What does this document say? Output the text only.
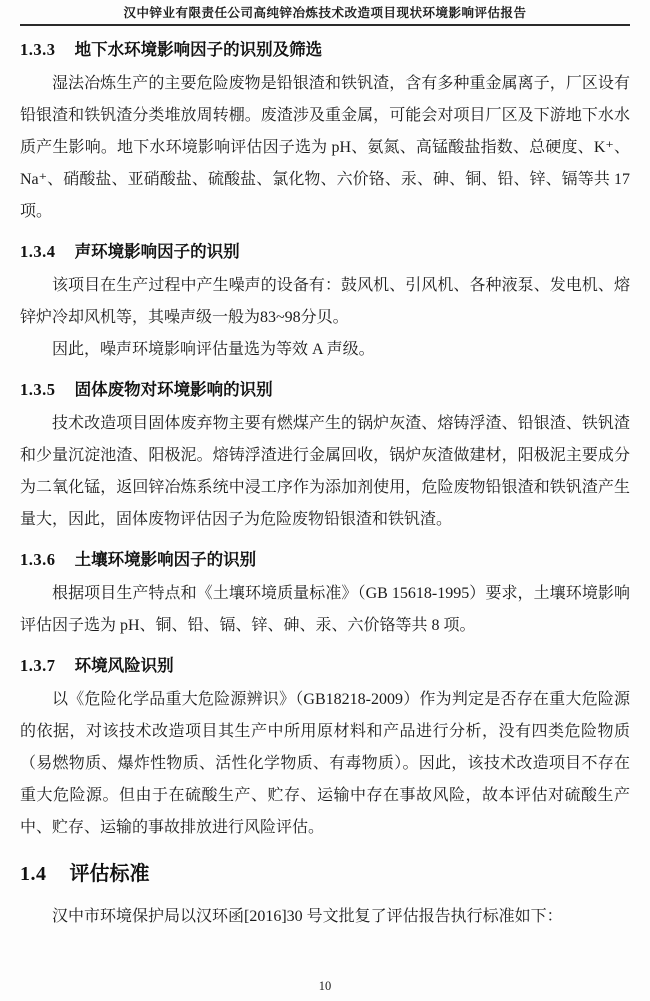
汉中锌业有限责任公司高纯锌冶炼技术改造项目现状环境影响评估报告
1.3.3 地下水环境影响因子的识别及筛选

湿法冶炼生产的主要危险废物是铅银渣和铁钒渣，含有多种重金属离子，厂区设有铅银渣和铁钒渣分类堆放周转棚。废渣涉及重金属，可能会对项目厂区及下游地下水水质产生影响。地下水环境影响评估因子选为 pH、氨氮、高锰酸盐指数、总硬度、K⁺、Na⁺、硝酸盐、亚硝酸盐、硫酸盐、氯化物、六价铬、汞、砷、铜、铅、锌、镉等共 17 项。

1.3.4 声环境影响因子的识别

该项目在生产过程中产生噪声的设备有：鼓风机、引风机、各种液泵、发电机、熔锌炉冷却风机等，其噪声级一般为83~98分贝。

因此，噪声环境影响评估量选为等效 A 声级。

1.3.5 固体废物对环境影响的识别

技术改造项目固体废弃物主要有燃煤产生的锅炉灰渣、熔铸浮渣、铅银渣、铁钒渣和少量沉淀池渣、阳极泥。熔铸浮渣进行金属回收，锅炉灰渣做建材，阳极泥主要成分为二氧化锰，返回锌冶炼系统中浸工序作为添加剂使用，危险废物铅银渣和铁钒渣产生量大，因此，固体废物评估因子为危险废物铅银渣和铁钒渣。

1.3.6 土壤环境影响因子的识别

根据项目生产特点和《土壤环境质量标准》（GB 15618-1995）要求，土壤环境影响评估因子选为 pH、铜、铅、镉、锌、砷、汞、六价铬等共 8 项。

1.3.7 环境风险识别

以《危险化学品重大危险源辨识》（GB18218-2009）作为判定是否存在重大危险源的依据，对该技术改造项目其生产中所用原材料和产品进行分析，没有四类危险物质（易燃物质、爆炸性物质、活性化学物质、有毒物质）。因此，该技术改造项目不存在重大危险源。但由于在硫酸生产、贮存、运输中存在事故风险，故本评估对硫酸生产中、贮存、运输的事故排放进行风险评估。

1.4 评估标准

汉中市环境保护局以汉环函[2016]30 号文批复了评估报告执行标准如下：

10
